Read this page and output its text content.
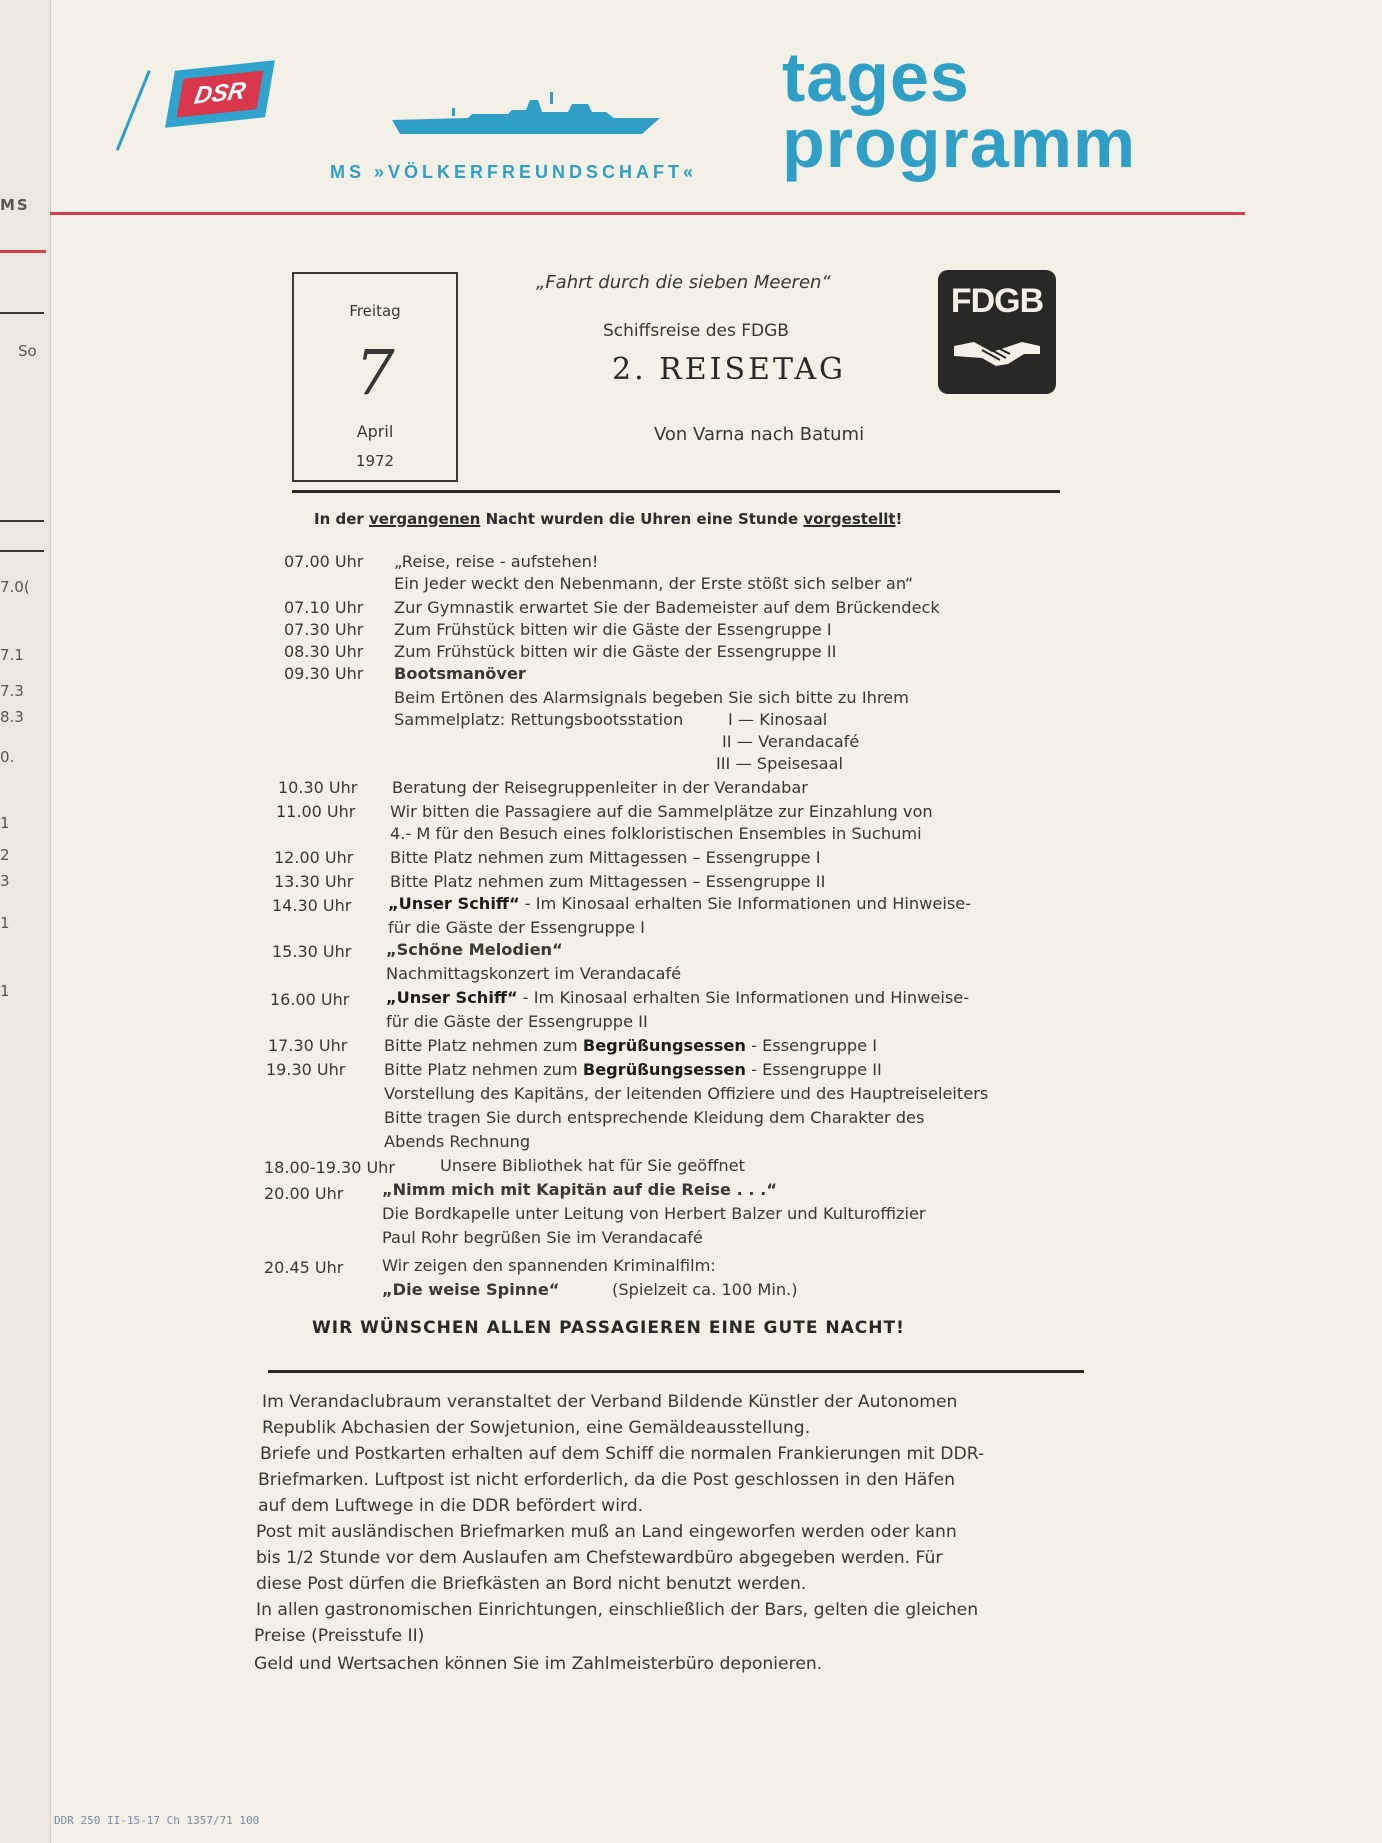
MS
So
7.0(
7.1
7.3
8.3
0.
1
2
3
1
1
DSR
MS »VÖLKERFREUNDSCHAFT«
tages
programm
Freitag
7
April
1972
„Fahrt durch die sieben Meeren“
Schiffsreise des FDGB
2. REISETAG
Von Varna nach Batumi
FDGB
In der vergangenen Nacht wurden die Uhren eine Stunde vorgestellt!
07.00 Uhr „Reise, reise - aufstehen!
Ein Jeder weckt den Nebenmann, der Erste stößt sich selber an“
07.10 Uhr Zur Gymnastik erwartet Sie der Bademeister auf dem Brückendeck
07.30 Uhr Zum Frühstück bitten wir die Gäste der Essengruppe I
08.30 Uhr Zum Frühstück bitten wir die Gäste der Essengruppe II
09.30 Uhr Bootsmanöver
Beim Ertönen des Alarmsignals begeben Sie sich bitte zu Ihrem
Sammelplatz: Rettungsbootsstation	I — Kinosaal
II — Verandacafé
III — Speisesaal
10.30 Uhr Beratung der Reisegruppenleiter in der Verandabar
11.00 Uhr Wir bitten die Passagiere auf die Sammelplätze zur Einzahlung von
4.- M für den Besuch eines folkloristischen Ensembles in Suchumi
12.00 Uhr Bitte Platz nehmen zum Mittagessen – Essengruppe I
13.30 Uhr Bitte Platz nehmen zum Mittagessen – Essengruppe II
14.30 Uhr „Unser Schiff“ - Im Kinosaal erhalten Sie Informationen und Hinweise-
für die Gäste der Essengruppe I
15.30 Uhr „Schöne Melodien“
Nachmittagskonzert im Verandacafé
16.00 Uhr „Unser Schiff“ - Im Kinosaal erhalten Sie Informationen und Hinweise-
für die Gäste der Essengruppe II
17.30 Uhr Bitte Platz nehmen zum Begrüßungsessen - Essengruppe I
19.30 Uhr Bitte Platz nehmen zum Begrüßungsessen - Essengruppe II
Vorstellung des Kapitäns, der leitenden Offiziere und des Hauptreiseleiters
Bitte tragen Sie durch entsprechende Kleidung dem Charakter des
Abends Rechnung
18.00-19.30 Uhr	Unsere Bibliothek hat für Sie geöffnet
20.00 Uhr „Nimm mich mit Kapitän auf die Reise . . .“
Die Bordkapelle unter Leitung von Herbert Balzer und Kulturoffizier
Paul Rohr begrüßen Sie im Verandacafé
20.45 Uhr Wir zeigen den spannenden Kriminalfilm:
„Die weise Spinne“	(Spielzeit ca. 100 Min.)
WIR WÜNSCHEN ALLEN PASSAGIEREN EINE GUTE NACHT!
Im Verandaclubraum veranstaltet der Verband Bildende Künstler der Autonomen
Republik Abchasien der Sowjetunion, eine Gemäldeausstellung.
Briefe und Postkarten erhalten auf dem Schiff die normalen Frankierungen mit DDR-
Briefmarken. Luftpost ist nicht erforderlich, da die Post geschlossen in den Häfen
auf dem Luftwege in die DDR befördert wird.
Post mit ausländischen Briefmarken muß an Land eingeworfen werden oder kann
bis 1/2 Stunde vor dem Auslaufen am Chefstewardbüro abgegeben werden. Für
diese Post dürfen die Briefkästen an Bord nicht benutzt werden.
In allen gastronomischen Einrichtungen, einschließlich der Bars, gelten die gleichen
Preise (Preisstufe II)
Geld und Wertsachen können Sie im Zahlmeisterbüro deponieren.
DDR 250 II-15-17 Ch 1357/71 100
